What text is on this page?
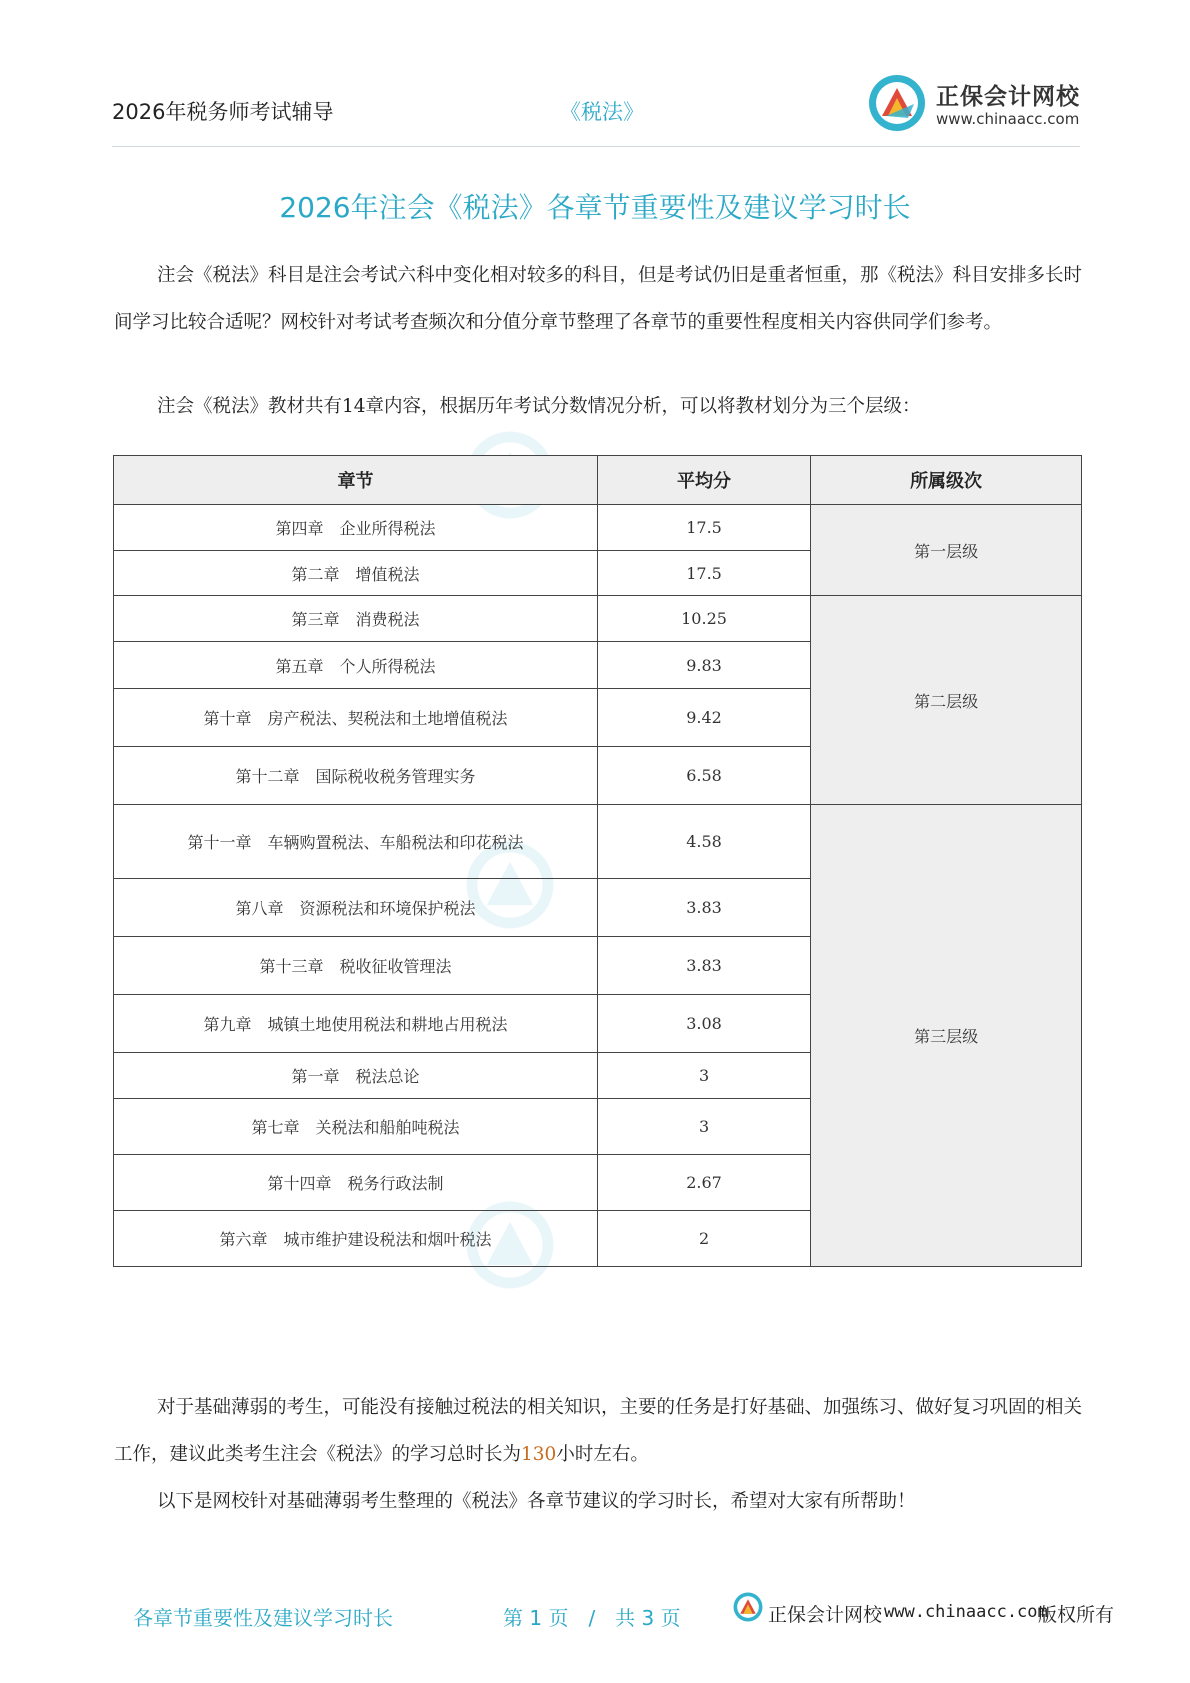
2026年税务师考试辅导	《税法》
正保会计网校
www.chinaacc.com
2026年注会《税法》各章节重要性及建议学习时长
注会《税法》科目是注会考试六科中变化相对较多的科目，但是考试仍旧是重者恒重，那《税法》科目安排多长时间学习比较合适呢？网校针对考试考查频次和分值分章节整理了各章节的重要性程度相关内容供同学们参考。
注会《税法》教材共有14章内容，根据历年考试分数情况分析，可以将教材划分为三个层级：
章节	平均分	所属级次
第四章　企业所得税法	17.5	第一层级
第二章　增值税法	17.5	
第三章　消费税法	10.25	第二层级
第五章　个人所得税法	9.83	
第十章　房产税法、契税法和土地增值税法	9.42	
第十二章　国际税收税务管理实务	6.58	
第十一章　车辆购置税法、车船税法和印花税法	4.58	第三层级
第八章　资源税法和环境保护税法	3.83	
第十三章　税收征收管理法	3.83	
第九章　城镇土地使用税法和耕地占用税法	3.08	
第一章　税法总论	3	
第七章　关税法和船舶吨税法	3	
第十四章　税务行政法制	2.67	
第六章　城市维护建设税法和烟叶税法	2	
对于基础薄弱的考生，可能没有接触过税法的相关知识，主要的任务是打好基础、加强练习、做好复习巩固的相关工作，建议此类考生注会《税法》的学习总时长为130小时左右。
以下是网校针对基础薄弱考生整理的《税法》各章节建议的学习时长，希望对大家有所帮助！
各章节重要性及建议学习时长	第 1 页　/　共 3 页	正保会计网校 www.chinaacc.com
版权所有
